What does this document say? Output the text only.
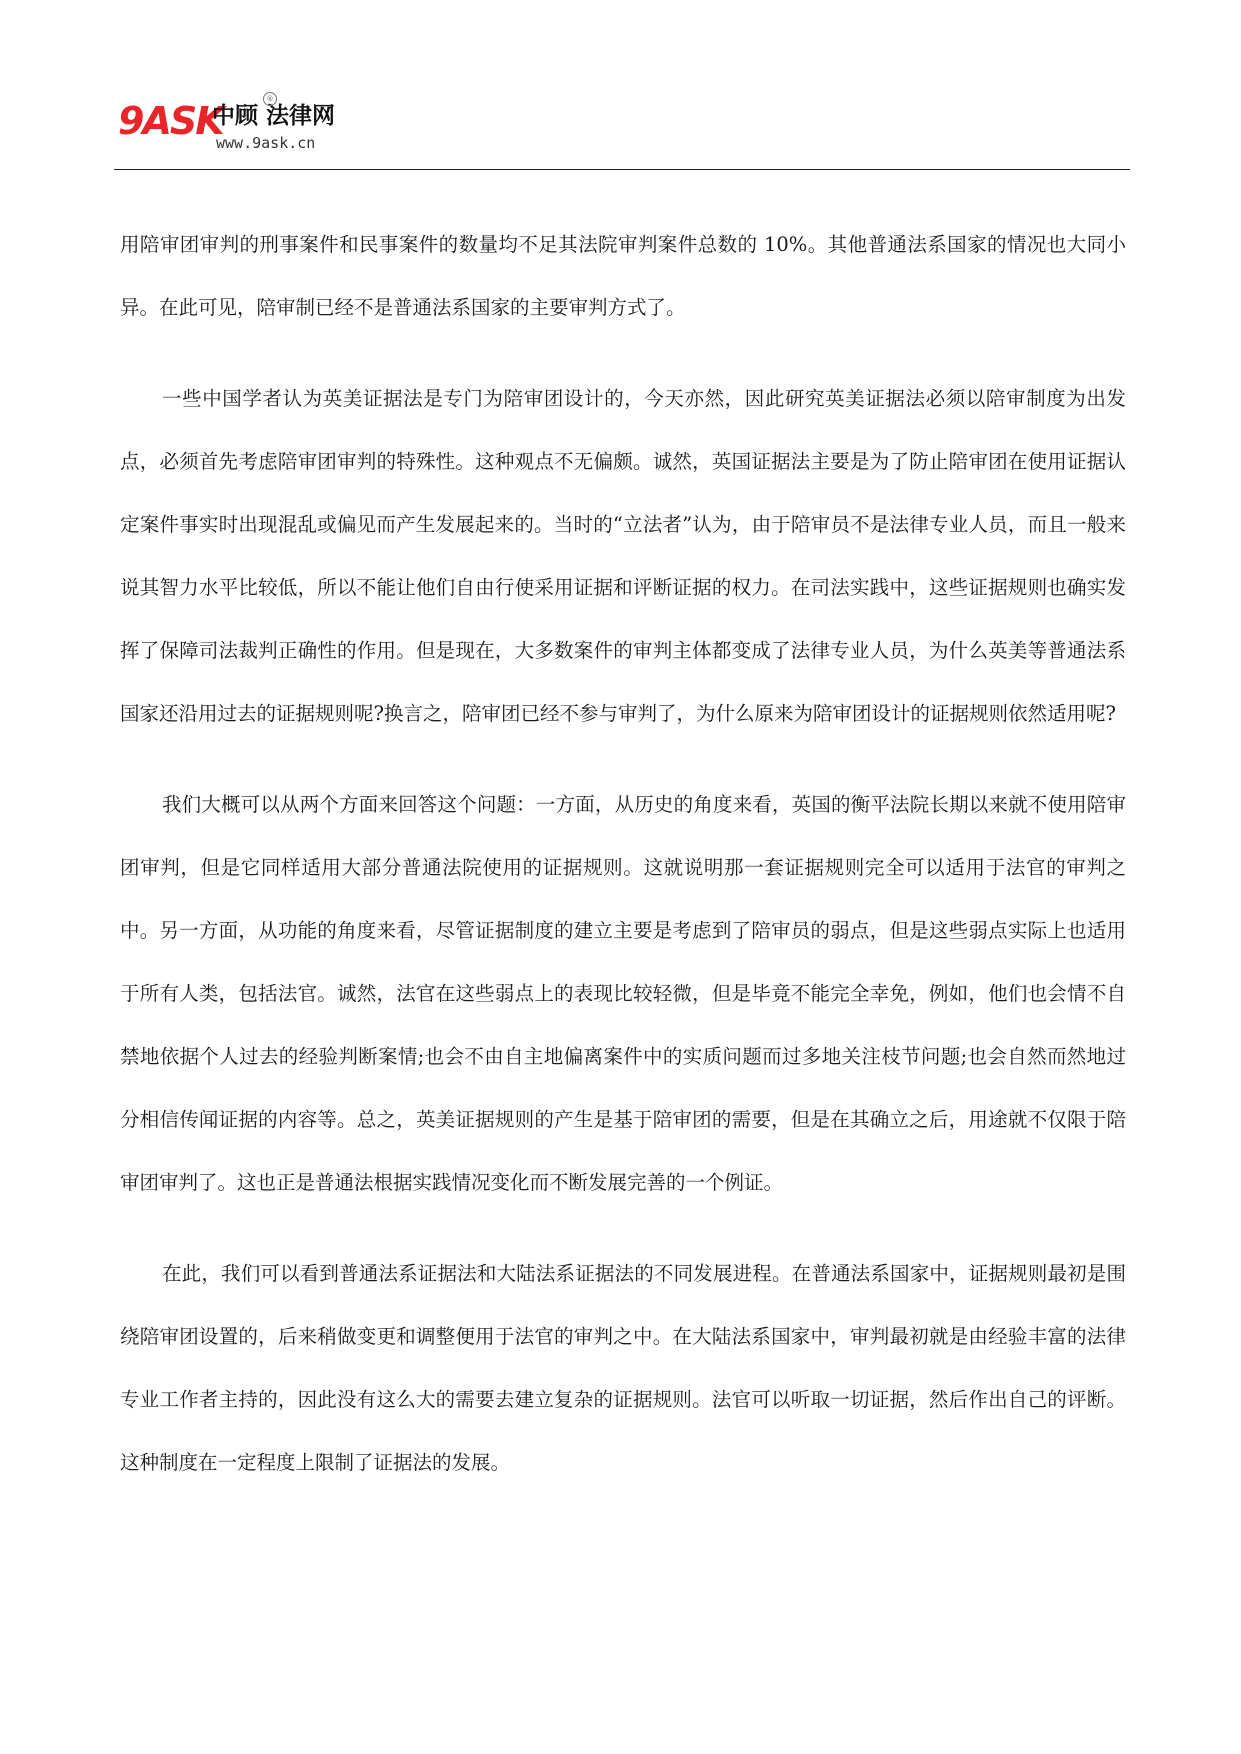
9ASK
中顾 法律网
®
www.9ask.cn

用陪审团审判的刑事案件和民事案件的数量均不足其法院审判案件总数的 10%。其他普通法系国家的情况也大同小异。在此可见，陪审制已经不是普通法系国家的主要审判方式了。

一些中国学者认为英美证据法是专门为陪审团设计的，今天亦然，因此研究英美证据法必须以陪审制度为出发点，必须首先考虑陪审团审判的特殊性。这种观点不无偏颇。诚然，英国证据法主要是为了防止陪审团在使用证据认定案件事实时出现混乱或偏见而产生发展起来的。当时的“立法者”认为，由于陪审员不是法律专业人员，而且一般来说其智力水平比较低，所以不能让他们自由行使采用证据和评断证据的权力。在司法实践中，这些证据规则也确实发挥了保障司法裁判正确性的作用。但是现在，大多数案件的审判主体都变成了法律专业人员，为什么英美等普通法系国家还沿用过去的证据规则呢?换言之，陪审团已经不参与审判了，为什么原来为陪审团设计的证据规则依然适用呢?

我们大概可以从两个方面来回答这个问题：一方面，从历史的角度来看，英国的衡平法院长期以来就不使用陪审团审判，但是它同样适用大部分普通法院使用的证据规则。这就说明那一套证据规则完全可以适用于法官的审判之中。另一方面，从功能的角度来看，尽管证据制度的建立主要是考虑到了陪审员的弱点，但是这些弱点实际上也适用于所有人类，包括法官。诚然，法官在这些弱点上的表现比较轻微，但是毕竟不能完全幸免，例如，他们也会情不自禁地依据个人过去的经验判断案情;也会不由自主地偏离案件中的实质问题而过多地关注枝节问题;也会自然而然地过分相信传闻证据的内容等。总之，英美证据规则的产生是基于陪审团的需要，但是在其确立之后，用途就不仅限于陪审团审判了。这也正是普通法根据实践情况变化而不断发展完善的一个例证。

在此，我们可以看到普通法系证据法和大陆法系证据法的不同发展进程。在普通法系国家中，证据规则最初是围绕陪审团设置的，后来稍做变更和调整便用于法官的审判之中。在大陆法系国家中，审判最初就是由经验丰富的法律专业工作者主持的，因此没有这么大的需要去建立复杂的证据规则。法官可以听取一切证据，然后作出自己的评断。这种制度在一定程度上限制了证据法的发展。
